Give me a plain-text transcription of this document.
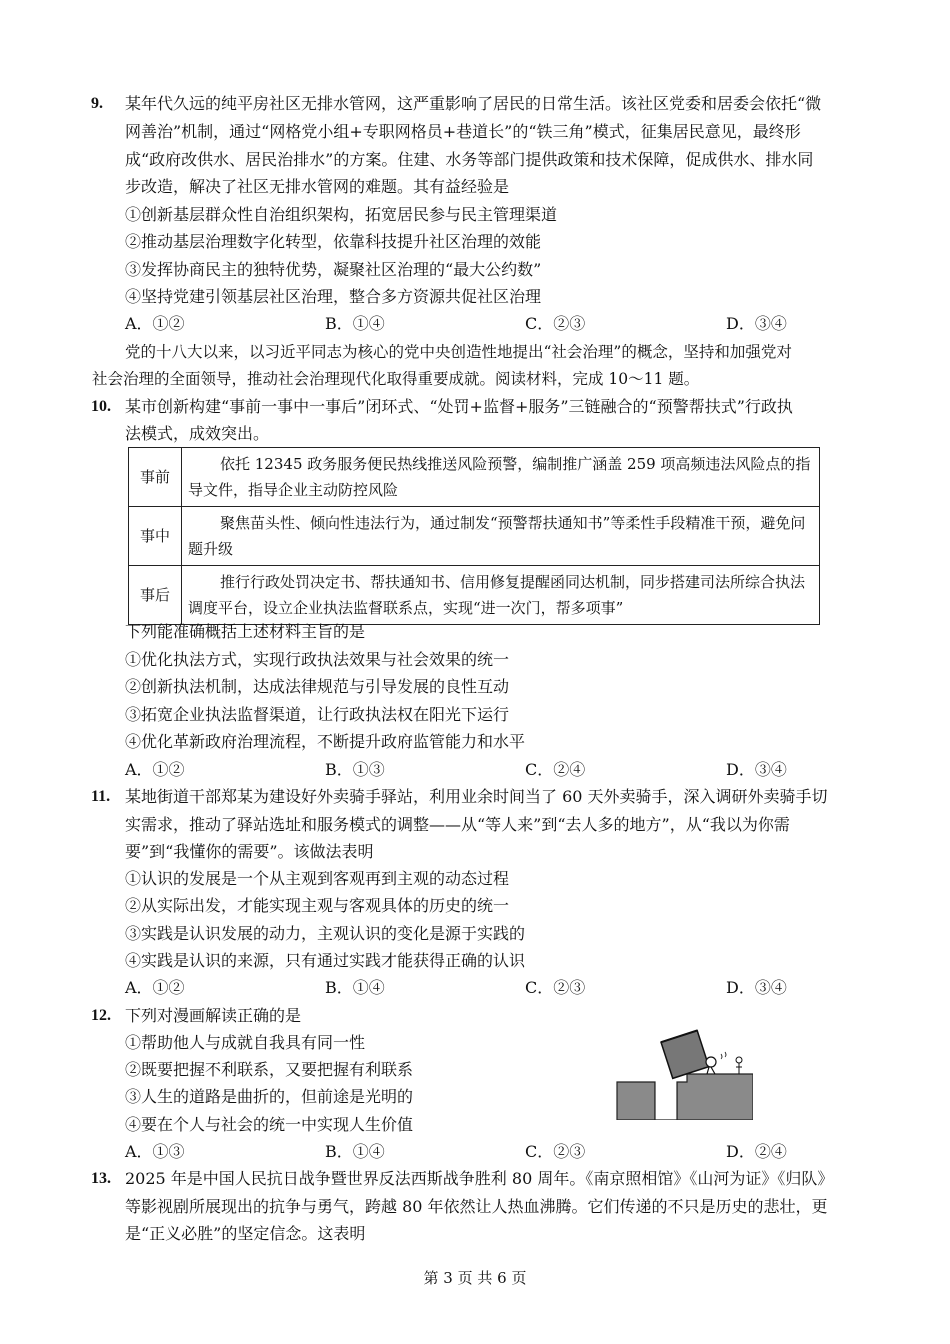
9. 某年代久远的纯平房社区无排水管网，这严重影响了居民的日常生活。该社区党委和居委会依托“微
网善治”机制，通过“网格党小组+专职网格员+巷道长”的“铁三角”模式，征集居民意见，最终形
成“政府改供水、居民治排水”的方案。住建、水务等部门提供政策和技术保障，促成供水、排水同
步改造，解决了社区无排水管网的难题。其有益经验是
①创新基层群众性自治组织架构，拓宽居民参与民主管理渠道
②推动基层治理数字化转型，依靠科技提升社区治理的效能
③发挥协商民主的独特优势，凝聚社区治理的“最大公约数”
④坚持党建引领基层社区治理，整合多方资源共促社区治理
A．①②	B．①④	C．②③	D．③④
党的十八大以来，以习近平同志为核心的党中央创造性地提出“社会治理”的概念，坚持和加强党对
社会治理的全面领导，推动社会治理现代化取得重要成就。阅读材料，完成 10～11 题。
10. 某市创新构建“事前一事中一事后”闭环式、“处罚+监督+服务”三链融合的“预警帮扶式”行政执
法模式，成效突出。
事前	依托 12345 政务服务便民热线推送风险预警，编制推广涵盖 259 项高频违法风险点的指导文件，指导企业主动防控风险
事中	聚焦苗头性、倾向性违法行为，通过制发“预警帮扶通知书”等柔性手段精准干预，避免问题升级
事后	推行行政处罚决定书、帮扶通知书、信用修复提醒函同达机制，同步搭建司法所综合执法调度平台，设立企业执法监督联系点，实现“进一次门，帮多项事”
下列能准确概括上述材料主旨的是
①优化执法方式，实现行政执法效果与社会效果的统一
②创新执法机制，达成法律规范与引导发展的良性互动
③拓宽企业执法监督渠道，让行政执法权在阳光下运行
④优化革新政府治理流程，不断提升政府监管能力和水平
A．①②	B．①③	C．②④	D．③④
11. 某地街道干部郑某为建设好外卖骑手驿站，利用业余时间当了 60 天外卖骑手，深入调研外卖骑手切
实需求，推动了驿站选址和服务模式的调整——从“等人来”到“去人多的地方”，从“我以为你需
要”到“我懂你的需要”。该做法表明
①认识的发展是一个从主观到客观再到主观的动态过程
②从实际出发，才能实现主观与客观具体的历史的统一
③实践是认识发展的动力，主观认识的变化是源于实践的
④实践是认识的来源，只有通过实践才能获得正确的认识
A．①②	B．①④	C．②③	D．③④
12. 下列对漫画解读正确的是
①帮助他人与成就自我具有同一性
②既要把握不利联系，又要把握有利联系
③人生的道路是曲折的，但前途是光明的
④要在个人与社会的统一中实现人生价值
A．①③	B．①④	C．②③	D．②④
13. 2025 年是中国人民抗日战争暨世界反法西斯战争胜利 80 周年。《南京照相馆》《山河为证》《归队》
等影视剧所展现出的抗争与勇气，跨越 80 年依然让人热血沸腾。它们传递的不只是历史的悲壮，更
是“正义必胜”的坚定信念。这表明
第 3 页 共 6 页
